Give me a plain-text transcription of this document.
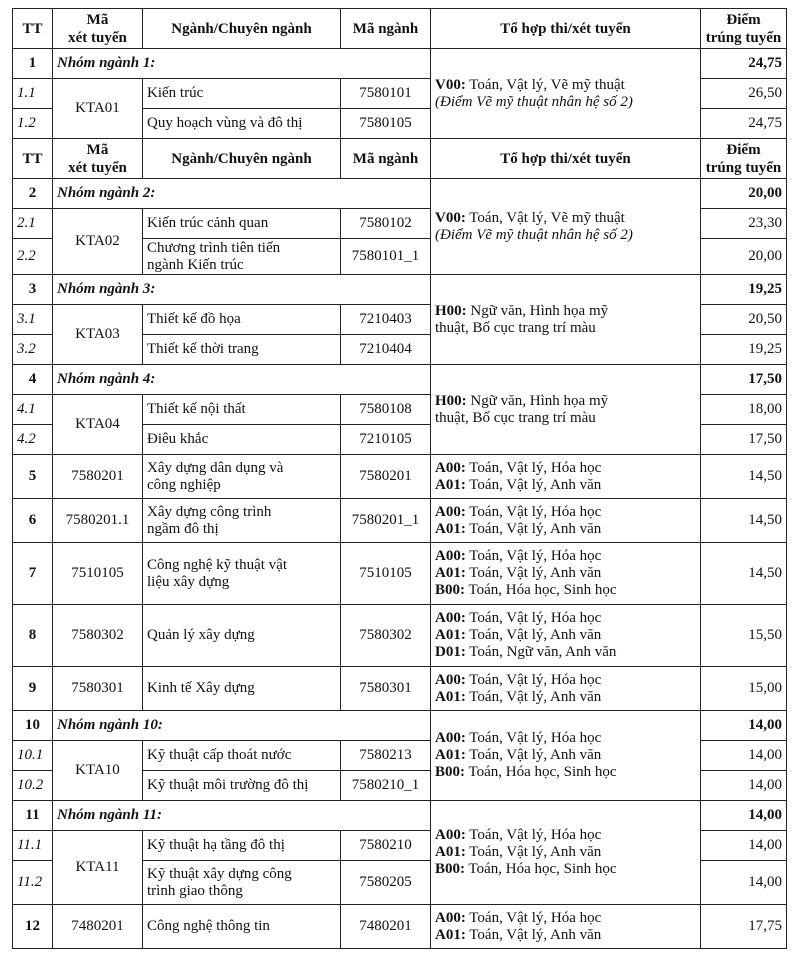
TT	Mã
xét tuyển	Ngành/Chuyên ngành	Mã ngành	Tổ hợp thi/xét tuyển	Điểm
trúng tuyển

1	Nhóm ngành 1:			V00: Toán, Vật lý, Vẽ mỹ thuật
(Điểm Vẽ mỹ thuật nhân hệ số 2)	24,75
1.1	KTA01	Kiến trúc	7580101		26,50
1.2		Quy hoạch vùng và đô thị	7580105		24,75
TT	Mã
xét tuyển	Ngành/Chuyên ngành	Mã ngành	Tổ hợp thi/xét tuyển	Điểm
trúng tuyển

2	Nhóm ngành 2:			V00: Toán, Vật lý, Vẽ mỹ thuật
(Điểm Vẽ mỹ thuật nhân hệ số 2)	20,00
2.1	KTA02	Kiến trúc cảnh quan	7580102		23,30
2.2		Chương trình tiên tiến
ngành Kiến trúc	7580101_1		20,00
3	Nhóm ngành 3:			H00: Ngữ văn, Hình họa mỹ
thuật, Bố cục trang trí màu	19,25
3.1	KTA03	Thiết kế đồ họa	7210403		20,50
3.2		Thiết kế thời trang	7210404		19,25
4	Nhóm ngành 4:			H00: Ngữ văn, Hình họa mỹ
thuật, Bố cục trang trí màu	17,50
4.1	KTA04	Thiết kế nội thất	7580108		18,00
4.2		Điêu khắc	7210105		17,50
5	7580201	Xây dựng dân dụng và
công nghiệp	7580201	A00: Toán, Vật lý, Hóa học
A01: Toán, Vật lý, Anh văn	14,50
6	7580201.1	Xây dựng công trình
ngầm đô thị	7580201_1	A00: Toán, Vật lý, Hóa học
A01: Toán, Vật lý, Anh văn	14,50
7	7510105	Công nghệ kỹ thuật vật
liệu xây dựng	7510105	A00: Toán, Vật lý, Hóa học
A01: Toán, Vật lý, Anh văn
B00: Toán, Hóa học, Sinh học	14,50
8	7580302	Quản lý xây dựng	7580302	A00: Toán, Vật lý, Hóa học
A01: Toán, Vật lý, Anh văn
D01: Toán, Ngữ văn, Anh văn	15,50
9	7580301	Kinh tế Xây dựng	7580301	A00: Toán, Vật lý, Hóa học
A01: Toán, Vật lý, Anh văn	15,00
10	Nhóm ngành 10:			A00: Toán, Vật lý, Hóa học
A01: Toán, Vật lý, Anh văn
B00: Toán, Hóa học, Sinh học	14,00
10.1	KTA10	Kỹ thuật cấp thoát nước	7580213		14,00
10.2		Kỹ thuật môi trường đô thị	7580210_1		14,00
11	Nhóm ngành 11:			A00: Toán, Vật lý, Hóa học
A01: Toán, Vật lý, Anh văn
B00: Toán, Hóa học, Sinh học	14,00
11.1	KTA11	Kỹ thuật hạ tầng đô thị	7580210		14,00
11.2		Kỹ thuật xây dựng công
trình giao thông	7580205		14,00
12	7480201	Công nghệ thông tin	7480201	A00: Toán, Vật lý, Hóa học
A01: Toán, Vật lý, Anh văn	17,75
